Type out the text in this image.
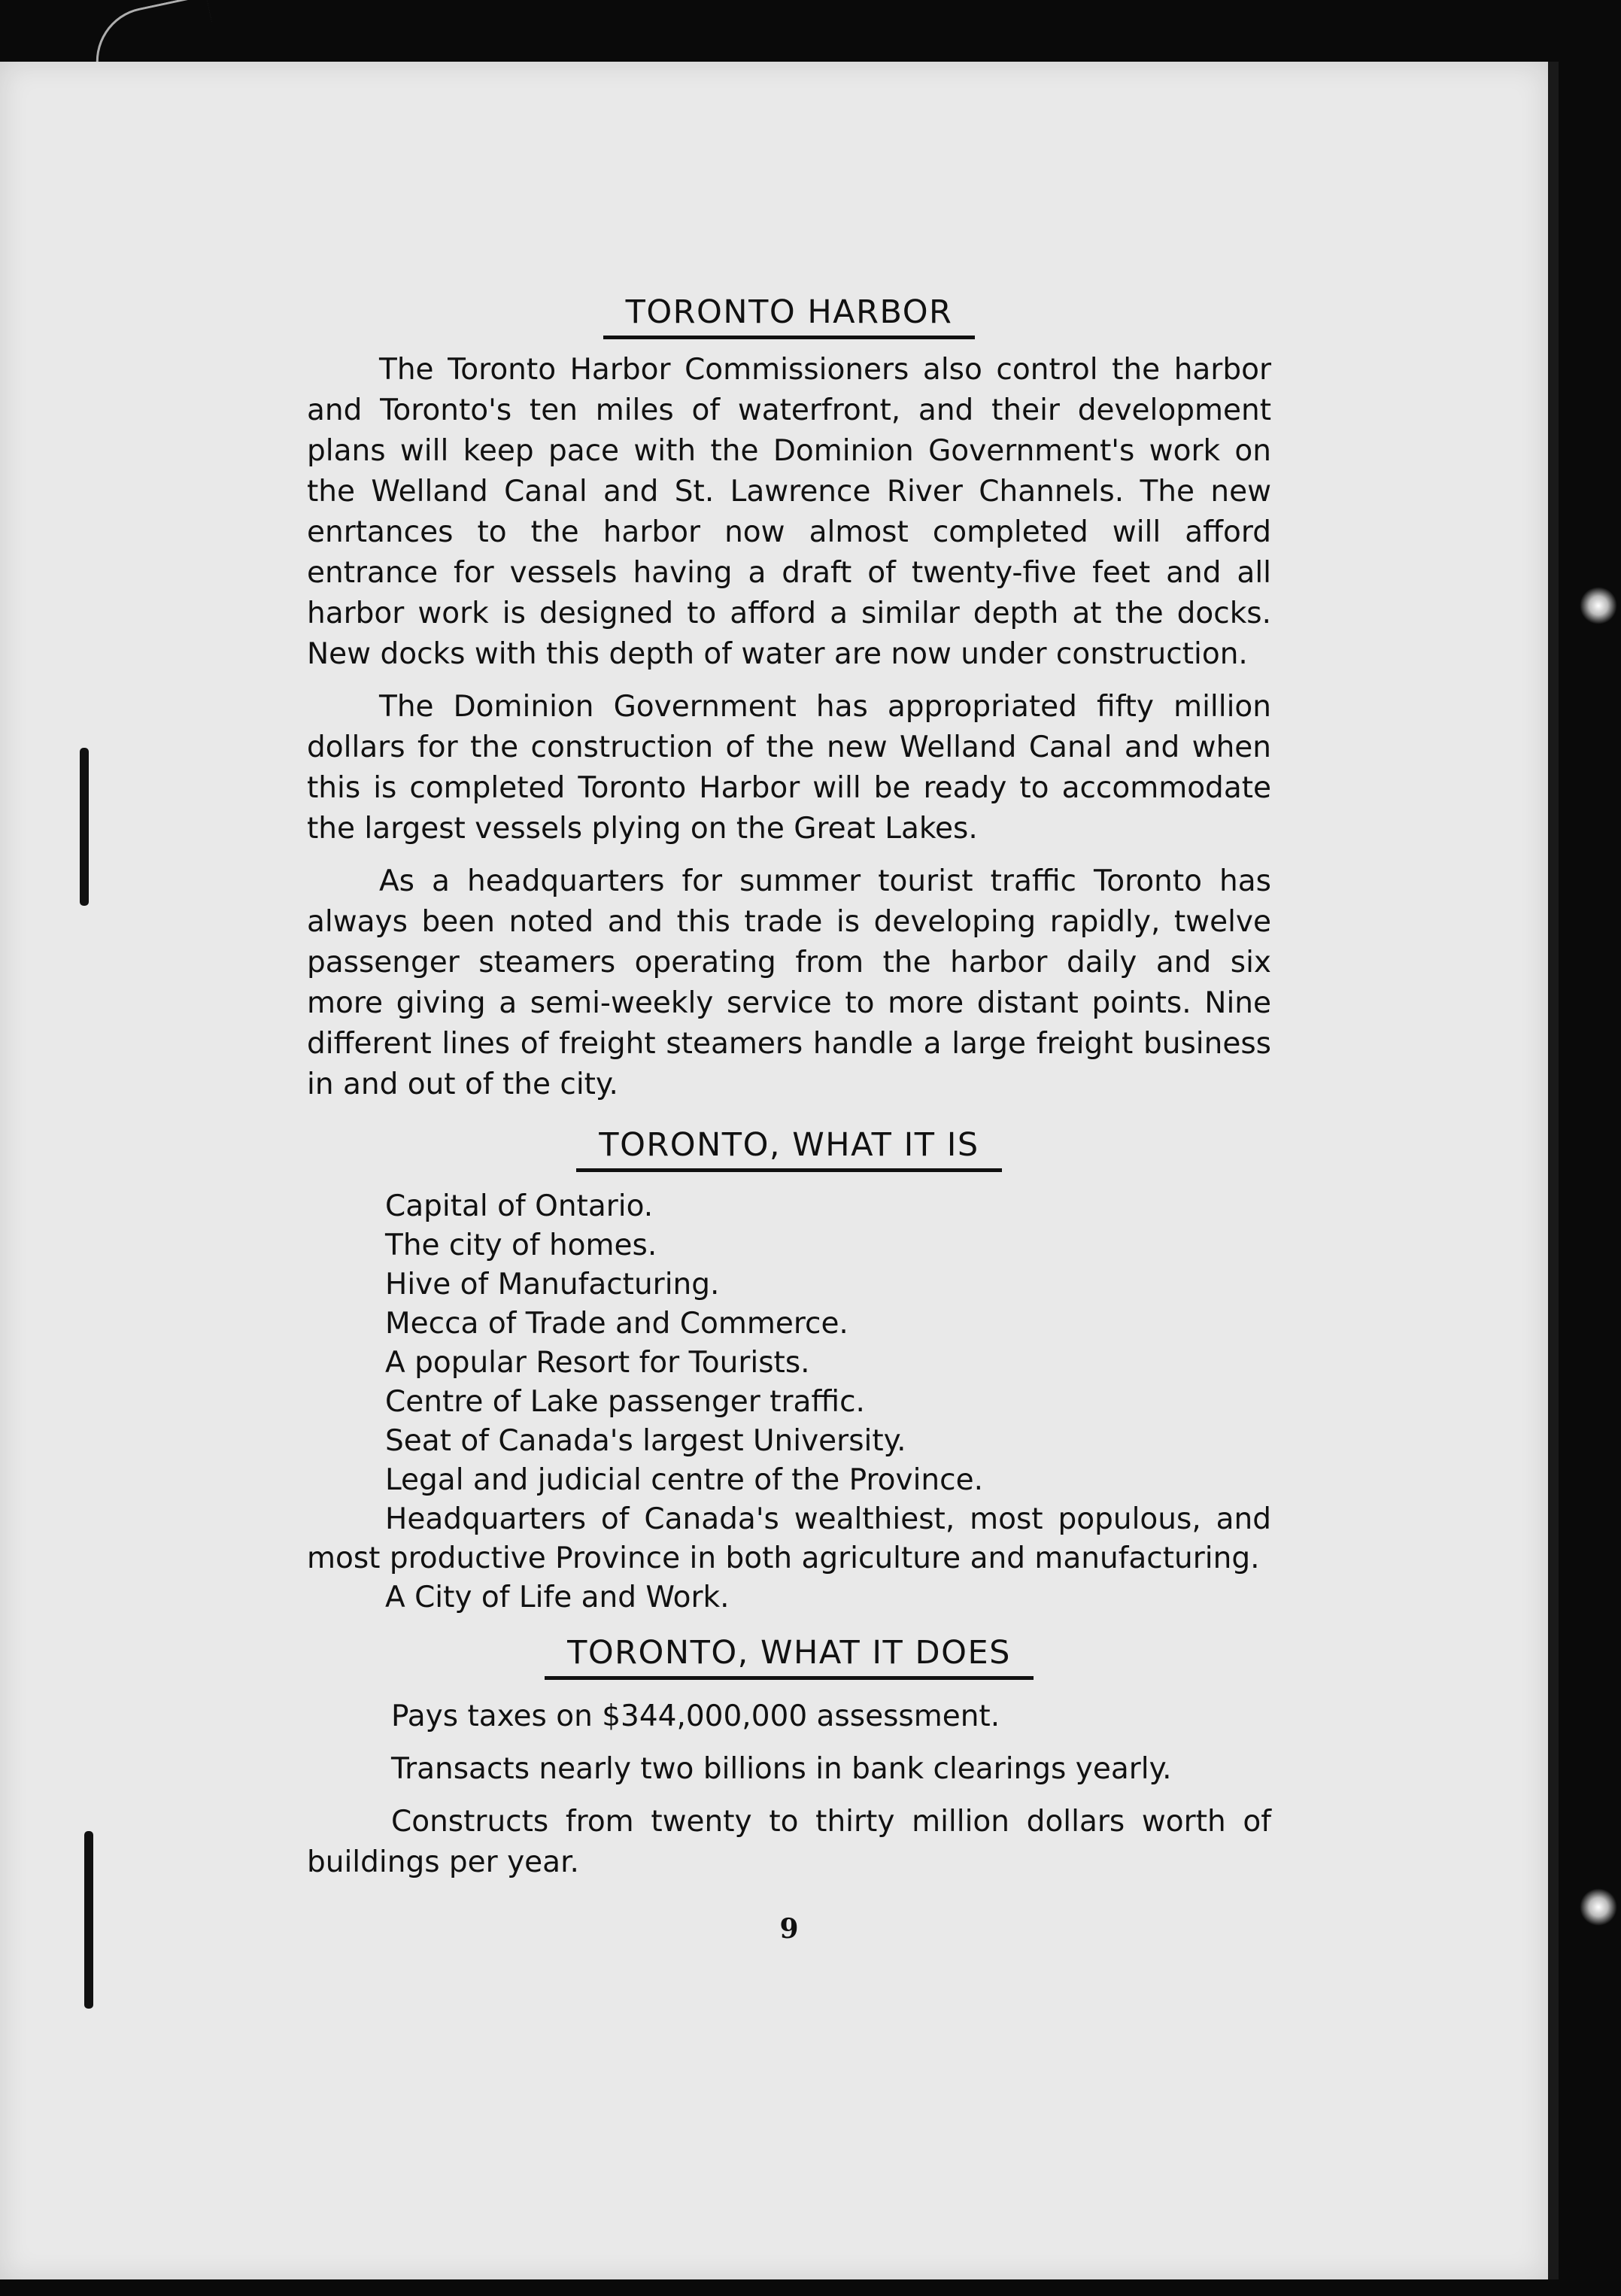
TORONTO HARBOR

The Toronto Harbor Commissioners also control the harbor and Toronto's ten miles of waterfront, and their development plans will keep pace with the Dominion Government's work on the Welland Canal and St. Lawrence River Channels. The new enrtances to the harbor now almost completed will afford entrance for vessels having a draft of twenty-five feet and all harbor work is designed to afford a similar depth at the docks. New docks with this depth of water are now under construction.

The Dominion Government has appropriated fifty million dollars for the construction of the new Welland Canal and when this is completed Toronto Harbor will be ready to accommodate the largest vessels plying on the Great Lakes.

As a headquarters for summer tourist traffic Toronto has always been noted and this trade is developing rapidly, twelve passenger steamers operating from the harbor daily and six more giving a semi-weekly service to more distant points. Nine different lines of freight steamers handle a large freight business in and out of the city.

TORONTO, WHAT IT IS
Capital of Ontario.
The city of homes.
Hive of Manufacturing.
Mecca of Trade and Commerce.
A popular Resort for Tourists.
Centre of Lake passenger traffic.
Seat of Canada's largest University.
Legal and judicial centre of the Province.
Headquarters of Canada's wealthiest, most populous, and most productive Province in both agriculture and manufacturing.
A City of Life and Work.
TORONTO, WHAT IT DOES

Pays taxes on $344,000,000 assessment.

Transacts nearly two billions in bank clearings yearly.

Constructs from twenty to thirty million dollars worth of buildings per year.

9
